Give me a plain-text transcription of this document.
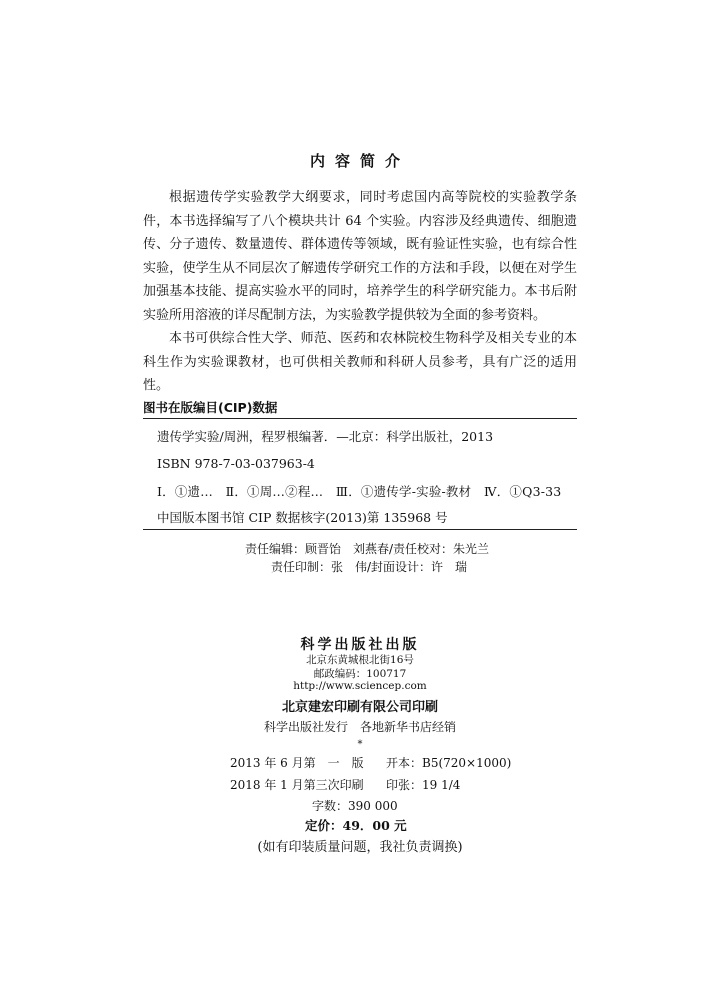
内容简介

根据遗传学实验教学大纲要求，同时考虑国内高等院校的实验教学条件，本书选择编写了八个模块共计 64 个实验。内容涉及经典遗传、细胞遗传、分子遗传、数量遗传、群体遗传等领域，既有验证性实验，也有综合性实验，使学生从不同层次了解遗传学研究工作的方法和手段，以便在对学生加强基本技能、提高实验水平的同时，培养学生的科学研究能力。本书后附实验所用溶液的详尽配制方法，为实验教学提供较为全面的参考资料。

本书可供综合性大学、师范、医药和农林院校生物科学及相关专业的本科生作为实验课教材，也可供相关教师和科研人员参考，具有广泛的适用性。

图书在版编目(CIP)数据
遗传学实验/周洲，程罗根编著．—北京：科学出版社，2013
ISBN 978-7-03-037963-4
Ⅰ．①遗…　Ⅱ．①周…②程…　Ⅲ．①遗传学-实验-教材　Ⅳ．①Q3-33
中国版本图书馆 CIP 数据核字(2013)第 135968 号
责任编辑：顾晋饴　刘燕春/责任校对：朱光兰
责任印制：张　伟/封面设计：许　瑞
科学出版社出版
北京东黄城根北街16号
邮政编码：100717
http://www.sciencep.com
北京建宏印刷有限公司印刷
科学出版社发行　各地新华书店经销
*
2013 年 6 月第　一　版 开本：B5(720×1000)
2018 年 1 月第三次印刷 印张：19 1/4
字数：390 000
定价：49．00 元
(如有印装质量问题，我社负责调换)
